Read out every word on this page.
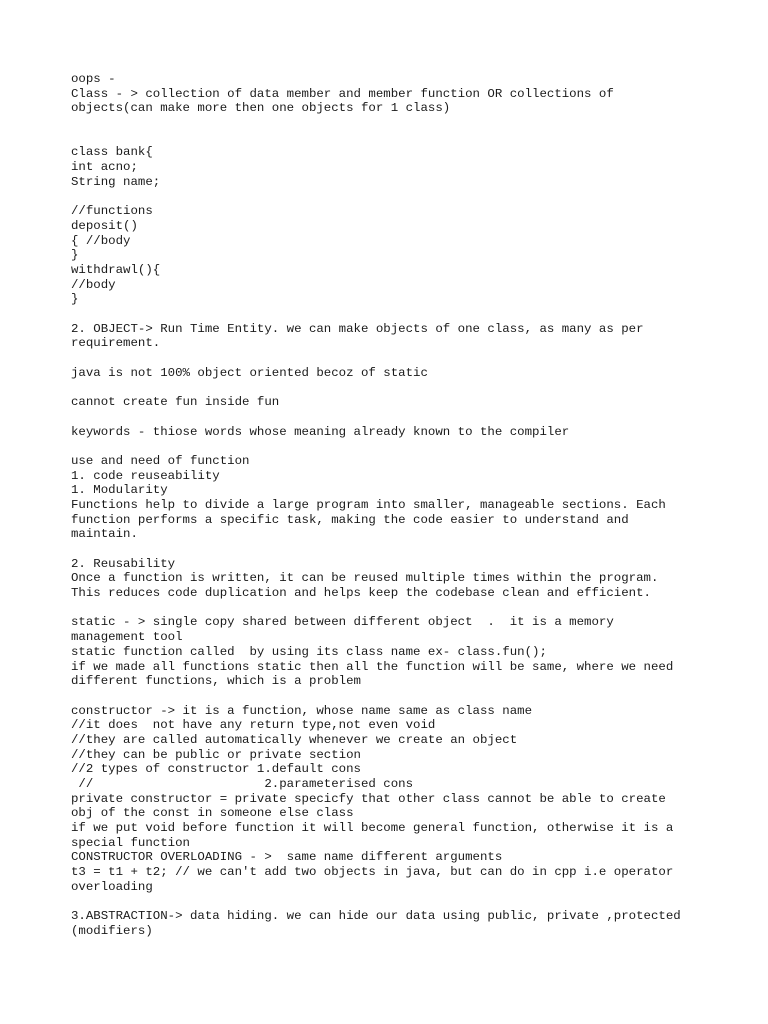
oops -
Class - > collection of data member and member function OR collections of
objects(can make more then one objects for 1 class)
class bank{
int acno;
String name;
//functions
deposit()
{ //body
}
withdrawl(){
//body
}
2. OBJECT-> Run Time Entity. we can make objects of one class, as many as per
requirement.
java is not 100% object oriented becoz of static
cannot create fun inside fun
keywords - thiose words whose meaning already known to the compiler
use and need of function
1. code reuseability
1. Modularity
Functions help to divide a large program into smaller, manageable sections. Each
function performs a specific task, making the code easier to understand and
maintain.
2. Reusability
Once a function is written, it can be reused multiple times within the program.
This reduces code duplication and helps keep the codebase clean and efficient.
static - > single copy shared between different object  .  it is a memory
management tool
static function called  by using its class name ex- class.fun();
if we made all functions static then all the function will be same, where we need
different functions, which is a problem
constructor -> it is a function, whose name same as class name
//it does  not have any return type,not even void
//they are called automatically whenever we create an object
//they can be public or private section
//2 types of constructor 1.default cons
//                       2.parameterised cons
private constructor = private specicfy that other class cannot be able to create
obj of the const in someone else class
if we put void before function it will become general function, otherwise it is a
special function
CONSTRUCTOR OVERLOADING - >  same name different arguments
t3 = t1 + t2; // we can't add two objects in java, but can do in cpp i.e operator
overloading
3.ABSTRACTION-> data hiding. we can hide our data using public, private ,protected
(modifiers)
